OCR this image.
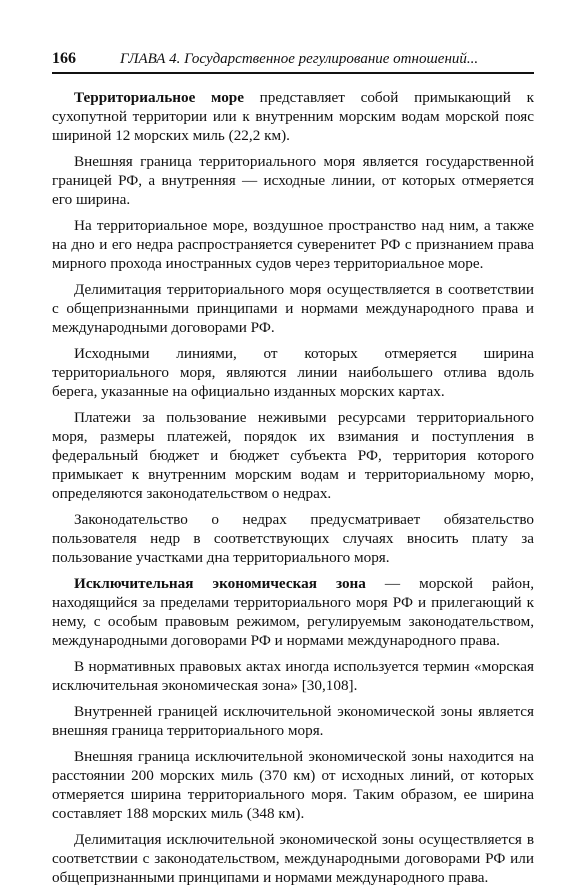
166	ГЛАВА 4. Государственное регулирование отношений...

Территориальное море представляет собой примыкающий к сухопутной территории или к внутренним морским водам морской пояс шириной 12 морских миль (22,2 км).

Внешняя граница территориального моря является государственной границей РФ, а внутренняя — исходные линии, от которых отмеряется его ширина.

На территориальное море, воздушное пространство над ним, а также на дно и его недра распространяется суверенитет РФ с признанием права мирного прохода иностранных судов через территориальное море.

Делимитация территориального моря осуществляется в соответствии с общепризнанными принципами и нормами международного права и международными договорами РФ.

Исходными линиями, от которых отмеряется ширина территориального моря, являются линии наибольшего отлива вдоль берега, указанные на официально изданных морских картах.

Платежи за пользование неживыми ресурсами территориального моря, размеры платежей, порядок их взимания и поступления в федеральный бюджет и бюджет субъекта РФ, территория которого примыкает к внутренним морским водам и территориальному морю, определяются законодательством о недрах.

Законодательство о недрах предусматривает обязательство пользователя недр в соответствующих случаях вносить плату за пользование участками дна территориального моря.

Исключительная экономическая зона — морской район, находящийся за пределами территориального моря РФ и прилегающий к нему, с особым правовым режимом, регулируемым законодательством, международными договорами РФ и нормами международного права.

В нормативных правовых актах иногда используется термин «морская исключительная экономическая зона» [30,108].

Внутренней границей исключительной экономической зоны является внешняя граница территориального моря.

Внешняя граница исключительной экономической зоны находится на расстоянии 200 морских миль (370 км) от исходных линий, от которых отмеряется ширина территориального моря. Таким образом, ее ширина составляет 188 морских миль (348 км).

Делимитация исключительной экономической зоны осуществляется в соответствии с законодательством, международными договорами РФ или общепризнанными принципами и нормами международного права.
